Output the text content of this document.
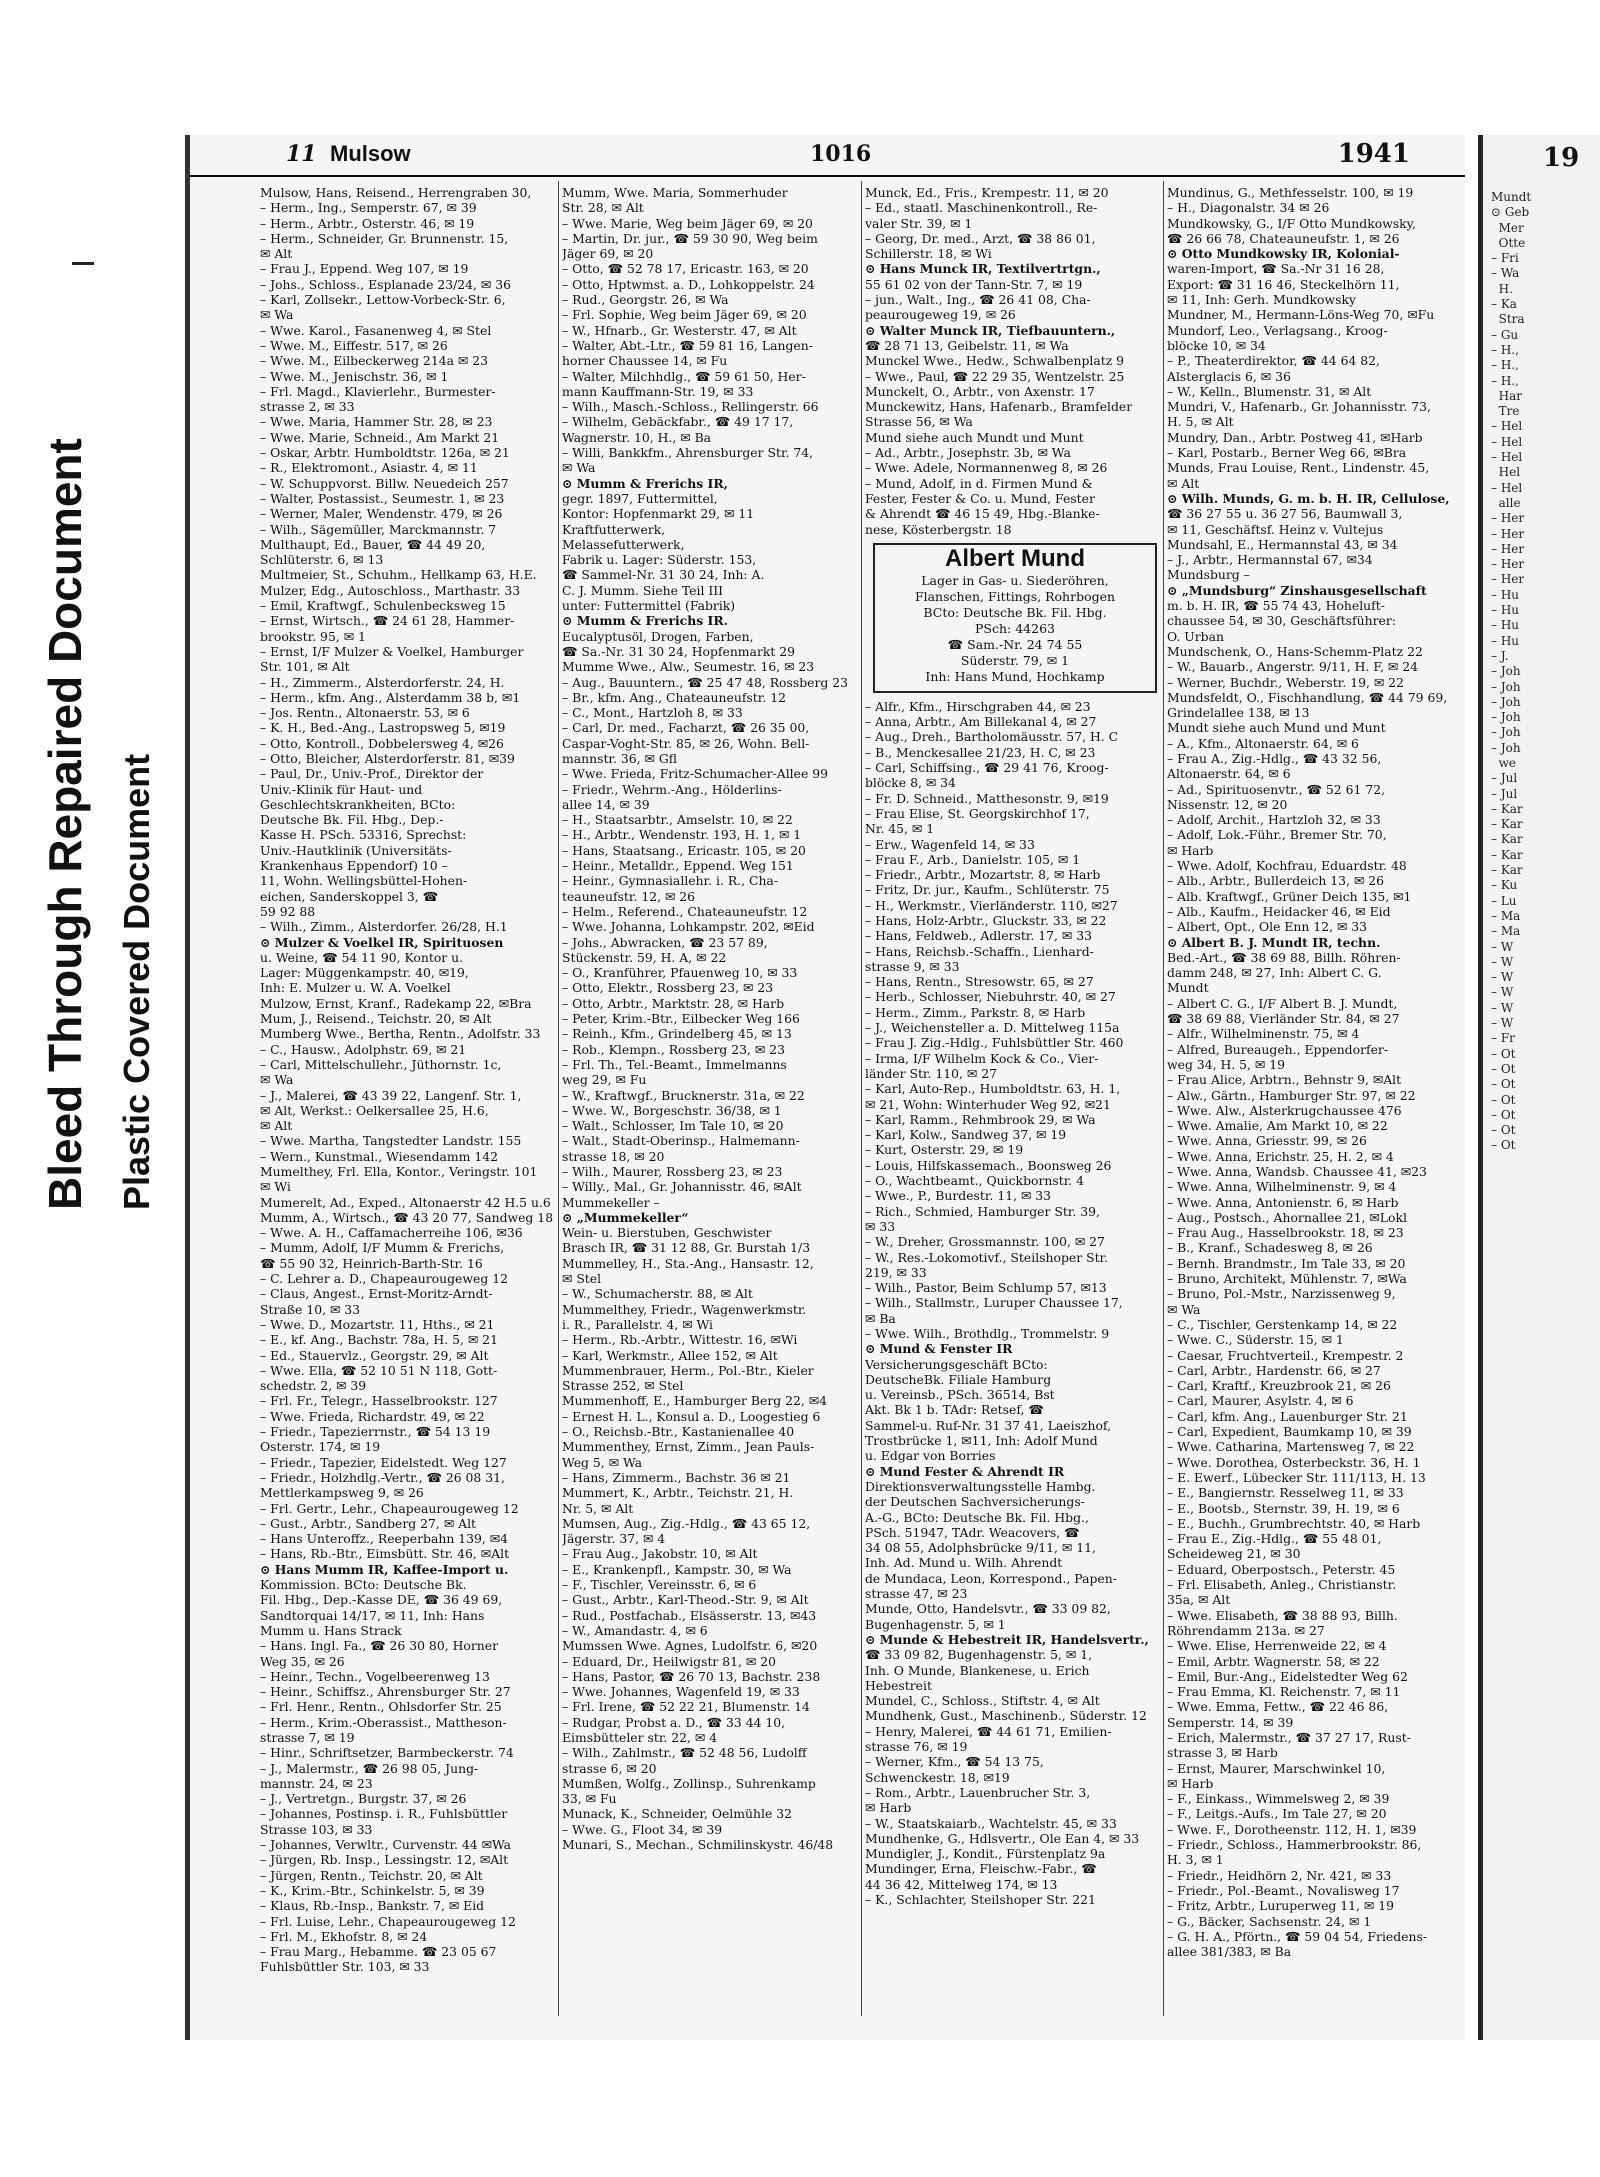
Bleed Through Repaired Document Plastic Covered Document
11 Mulsow	1016	1941
Mulsow, Hans, Reisend., Herrengraben 30,
– Herm., Ing., Semperstr. 67, ✉ 39
– Herm., Arbtr., Osterstr. 46, ✉ 19
– Herm., Schneider, Gr. Brunnenstr. 15,
✉ Alt
– Frau J., Eppend. Weg 107, ✉ 19
– Johs., Schloss., Esplanade 23/24, ✉ 36
– Karl, Zollsekr., Lettow-Vorbeck-Str. 6,
✉ Wa
– Wwe. Karol., Fasanenweg 4, ✉ Stel
– Wwe. M., Eiffestr. 517, ✉ 26
– Wwe. M., Eilbeckerweg 214a ✉ 23
– Wwe. M., Jenischstr. 36, ✉ 1
– Frl. Magd., Klavierlehr., Burmester-
strasse 2, ✉ 33
– Wwe. Maria, Hammer Str. 28, ✉ 23
– Wwe. Marie, Schneid., Am Markt 21
– Oskar, Arbtr. Humboldtstr. 126a, ✉ 21
– R., Elektromont., Asiastr. 4, ✉ 11
– W. Schuppvorst. Billw. Neuedeich 257
– Walter, Postassist., Seumestr. 1, ✉ 23
– Werner, Maler, Wendenstr. 479, ✉ 26
– Wilh., Sägemüller, Marckmannstr. 7
Multhaupt, Ed., Bauer, ☎ 44 49 20,
Schlüterstr. 6, ✉ 13
Multmeier, St., Schuhm., Hellkamp 63, H.E.
Mulzer, Edg., Autoschloss., Marthastr. 33
– Emil, Kraftwgf., Schulenbecksweg 15
– Ernst, Wirtsch., ☎ 24 61 28, Hammer-
brookstr. 95, ✉ 1
– Ernst, I/F Mulzer & Voelkel, Hamburger
Str. 101, ✉ Alt
– H., Zimmerm., Alsterdorferstr. 24, H.
– Herm., kfm. Ang., Alsterdamm 38 b, ✉1
– Jos. Rentn., Altonaerstr. 53, ✉ 6
– K. H., Bed.-Ang., Lastropsweg 5, ✉19
– Otto, Kontroll., Dobbelersweg 4, ✉26
– Otto, Bleicher, Alsterdorferstr. 81, ✉39
– Paul, Dr., Univ.-Prof., Direktor der
Univ.-Klinik für Haut- und
Geschlechtskrankheiten, BCto:
Deutsche Bk. Fil. Hbg., Dep.-
Kasse H. PSch. 53316, Sprechst:
Univ.-Hautklinik (Universitäts-
Krankenhaus Eppendorf) 10 –
11, Wohn. Wellingsbüttel-Hohen-
eichen, Sanderskoppel 3, ☎
59 92 88
– Wilh., Zimm., Alsterdorfer. 26/28, H.1
⊙ Mulzer & Voelkel IR, Spirituosen
u. Weine, ☎ 54 11 90, Kontor u.
Lager: Müggenkampstr. 40, ✉19,
Inh: E. Mulzer u. W. A. Voelkel
Mulzow, Ernst, Kranf., Radekamp 22, ✉Bra
Mum, J., Reisend., Teichstr. 20, ✉ Alt
Mumberg Wwe., Bertha, Rentn., Adolfstr. 33
– C., Hausw., Adolphstr. 69, ✉ 21
– Carl, Mittelschullehr., Jüthornstr. 1c,
✉ Wa
– J., Malerei, ☎ 43 39 22, Langenf. Str. 1,
✉ Alt, Werkst.: Oelkersallee 25, H.6,
✉ Alt
– Wwe. Martha, Tangstedter Landstr. 155
– Wern., Kunstmal., Wiesendamm 142
Mumelthey, Frl. Ella, Kontor., Veringstr. 101
✉ Wi
Mumerelt, Ad., Exped., Altonaerstr 42 H.5 u.6
Mumm, A., Wirtsch., ☎ 43 20 77, Sandweg 18
– Wwe. A. H., Caffamacherreihe 106, ✉36
– Mumm, Adolf, I/F Mumm & Frerichs,
☎ 55 90 32, Heinrich-Barth-Str. 16
– C. Lehrer a. D., Chapeaurougeweg 12
– Claus, Angest., Ernst-Moritz-Arndt-
Straße 10, ✉ 33
– Wwe. D., Mozartstr. 11, Hths., ✉ 21
– E., kf. Ang., Bachstr. 78a, H. 5, ✉ 21
– Ed., Stauervlz., Georgstr. 29, ✉ Alt
– Wwe. Ella, ☎ 52 10 51 N 118, Gott-
schedstr. 2, ✉ 39
– Frl. Fr., Telegr., Hasselbrookstr. 127
– Wwe. Frieda, Richardstr. 49, ✉ 22
– Friedr., Tapezierrnstr., ☎ 54 13 19
Osterstr. 174, ✉ 19
– Friedr., Tapezier, Eidelstedt. Weg 127
– Friedr., Holzhdlg.-Vertr., ☎ 26 08 31,
Mettlerkampsweg 9, ✉ 26
– Frl. Gertr., Lehr., Chapeaurougeweg 12
– Gust., Arbtr., Sandberg 27, ✉ Alt
– Hans Unteroffz., Reeperbahn 139, ✉4
– Hans, Rb.-Btr., Eimsbütt. Str. 46, ✉Alt
⊙ Hans Mumm IR, Kaffee-Import u.
Kommission. BCto: Deutsche Bk.
Fil. Hbg., Dep.-Kasse DE, ☎ 36 49 69,
Sandtorquai 14/17, ✉ 11, Inh: Hans
Mumm u. Hans Strack
– Hans. Ingl. Fa., ☎ 26 30 80, Horner
Weg 35, ✉ 26
– Heinr., Techn., Vogelbeerenweg 13
– Heinr., Schiffsz., Ahrensburger Str. 27
– Frl. Henr., Rentn., Ohlsdorfer Str. 25
– Herm., Krim.-Oberassist., Mattheson-
strasse 7, ✉ 19
– Hinr., Schriftsetzer, Barmbeckerstr. 74
– J., Malermstr., ☎ 26 98 05, Jung-
mannstr. 24, ✉ 23
– J., Vertretgn., Burgstr. 37, ✉ 26
– Johannes, Postinsp. i. R., Fuhlsbüttler
Strasse 103, ✉ 33
– Johannes, Verwltr., Curvenstr. 44 ✉Wa
– Jürgen, Rb. Insp., Lessingstr. 12, ✉Alt
– Jürgen, Rentn., Teichstr. 20, ✉ Alt
– K., Krim.-Btr., Schinkelstr. 5, ✉ 39
– Klaus, Rb.-Insp., Bankstr. 7, ✉ Eid
– Frl. Luise, Lehr., Chapeaurougeweg 12
– Frl. M., Ekhofstr. 8, ✉ 24
– Frau Marg., Hebamme. ☎ 23 05 67
Fuhlsbüttler Str. 103, ✉ 33
Mumm, Wwe. Maria, Sommerhuder
Str. 28, ✉ Alt
– Wwe. Marie, Weg beim Jäger 69, ✉ 20
– Martin, Dr. jur., ☎ 59 30 90, Weg beim
Jäger 69, ✉ 20
– Otto, ☎ 52 78 17, Ericastr. 163, ✉ 20
– Otto, Hptwmst. a. D., Lohkoppelstr. 24
– Rud., Georgstr. 26, ✉ Wa
– Frl. Sophie, Weg beim Jäger 69, ✉ 20
– W., Hfnarb., Gr. Westerstr. 47, ✉ Alt
– Walter, Abt.-Ltr., ☎ 59 81 16, Langen-
horner Chaussee 14, ✉ Fu
– Walter, Milchhdlg., ☎ 59 61 50, Her-
mann Kauffmann-Str. 19, ✉ 33
– Wilh., Masch.-Schloss., Rellingerstr. 66
– Wilhelm, Gebäckfabr., ☎ 49 17 17,
Wagnerstr. 10, H., ✉ Ba
– Willi, Bankkfm., Ahrensburger Str. 74,
✉ Wa
⊙ Mumm & Frerichs IR,
gegr. 1897, Futtermittel,
Kontor: Hopfenmarkt 29, ✉ 11
Kraftfutterwerk,
Melassefutterwerk,
Fabrik u. Lager: Süderstr. 153,
☎ Sammel-Nr. 31 30 24, Inh: A.
C. J. Mumm. Siehe Teil III
unter: Futtermittel (Fabrik)
⊙ Mumm & Frerichs IR.
Eucalyptusöl, Drogen, Farben,
☎ Sa.-Nr. 31 30 24, Hopfenmarkt 29
Mumme Wwe., Alw., Seumestr. 16, ✉ 23
– Aug., Bauuntern., ☎ 25 47 48, Rossberg 23
– Br., kfm. Ang., Chateauneufstr. 12
– C., Mont., Hartzloh 8, ✉ 33
– Carl, Dr. med., Facharzt, ☎ 26 35 00,
Caspar-Voght-Str. 85, ✉ 26, Wohn. Bell-
mannstr. 36, ✉ Gfl
– Wwe. Frieda, Fritz-Schumacher-Allee 99
– Friedr., Wehrm.-Ang., Hölderlins-
allee 14, ✉ 39
– H., Staatsarbtr., Amselstr. 10, ✉ 22
– H., Arbtr., Wendenstr. 193, H. 1, ✉ 1
– Hans, Staatsang., Ericastr. 105, ✉ 20
– Heinr., Metalldr., Eppend. Weg 151
– Heinr., Gymnasiallehr. i. R., Cha-
teauneufstr. 12, ✉ 26
– Helm., Referend., Chateauneufstr. 12
– Wwe. Johanna, Lohkampstr. 202, ✉Eid
– Johs., Abwracken, ☎ 23 57 89,
Stückenstr. 59, H. A, ✉ 22
– O., Kranführer, Pfauenweg 10, ✉ 33
– Otto, Elektr., Rossberg 23, ✉ 23
– Otto, Arbtr., Marktstr. 28, ✉ Harb
– Peter, Krim.-Btr., Eilbecker Weg 166
– Reinh., Kfm., Grindelberg 45, ✉ 13
– Rob., Klempn., Rossberg 23, ✉ 23
– Frl. Th., Tel.-Beamt., Immelmanns
weg 29, ✉ Fu
– W., Kraftwgf., Brucknerstr. 31a, ✉ 22
– Wwe. W., Borgeschstr. 36/38, ✉ 1
– Walt., Schlosser, Im Tale 10, ✉ 20
– Walt., Stadt-Oberinsp., Halmemann-
strasse 18, ✉ 20
– Wilh., Maurer, Rossberg 23, ✉ 23
– Willy., Mal., Gr. Johannisstr. 46, ✉Alt
Mummekeller –
⊙ „Mummekeller“
Wein- u. Bierstuben, Geschwister
Brasch IR, ☎ 31 12 88, Gr. Burstah 1/3
Mummelley, H., Sta.-Ang., Hansastr. 12,
✉ Stel
– W., Schumacherstr. 88, ✉ Alt
Mummelthey, Friedr., Wagenwerkmstr.
i. R., Parallelstr. 4, ✉ Wi
– Herm., Rb.-Arbtr., Wittestr. 16, ✉Wi
– Karl, Werkmstr., Allee 152, ✉ Alt
Mummenbrauer, Herm., Pol.-Btr., Kieler
Strasse 252, ✉ Stel
Mummenhoff, E., Hamburger Berg 22, ✉4
– Ernest H. L., Konsul a. D., Loogestieg 6
– O., Reichsb.-Btr., Kastanienallee 40
Mummenthey, Ernst, Zimm., Jean Pauls-
Weg 5, ✉ Wa
– Hans, Zimmerm., Bachstr. 36 ✉ 21
Mummert, K., Arbtr., Teichstr. 21, H.
Nr. 5, ✉ Alt
Mumsen, Aug., Zig.-Hdlg., ☎ 43 65 12,
Jägerstr. 37, ✉ 4
– Frau Aug., Jakobstr. 10, ✉ Alt
– E., Krankenpfl., Kampstr. 30, ✉ Wa
– F., Tischler, Vereinsstr. 6, ✉ 6
– Gust., Arbtr., Karl-Theod.-Str. 9, ✉ Alt
– Rud., Postfachab., Elsässerstr. 13, ✉43
– W., Amandastr. 4, ✉ 6
Mumssen Wwe. Agnes, Ludolfstr. 6, ✉20
– Eduard, Dr., Heilwigstr 81, ✉ 20
– Hans, Pastor, ☎ 26 70 13, Bachstr. 238
– Wwe. Johannes, Wagenfeld 19, ✉ 33
– Frl. Irene, ☎ 52 22 21, Blumenstr. 14
– Rudgar, Probst a. D., ☎ 33 44 10,
Eimsbütteler str. 22, ✉ 4
– Wilh., Zahlmstr., ☎ 52 48 56, Ludolff
strasse 6, ✉ 20
Mumßen, Wolfg., Zollinsp., Suhrenkamp
33, ✉ Fu
Munack, K., Schneider, Oelmühle 32
– Wwe. G., Floot 34, ✉ 39
Munari, S., Mechan., Schmilinskystr. 46/48
Munck, Ed., Fris., Krempestr. 11, ✉ 20
– Ed., staatl. Maschinenkontroll., Re-
valer Str. 39, ✉ 1
– Georg, Dr. med., Arzt, ☎ 38 86 01,
Schillerstr. 18, ✉ Wi
⊙ Hans Munck IR, Textilvertrtgn.,
55 61 02 von der Tann-Str. 7, ✉ 19
– jun., Walt., Ing., ☎ 26 41 08, Cha-
peaurougeweg 19, ✉ 26
⊙ Walter Munck IR, Tiefbauuntern.,
☎ 28 71 13, Geibelstr. 11, ✉ Wa
Munckel Wwe., Hedw., Schwalbenplatz 9
– Wwe., Paul, ☎ 22 29 35, Wentzelstr. 25
Munckelt, O., Arbtr., von Axenstr. 17
Munckewitz, Hans, Hafenarb., Bramfelder
Strasse 56, ✉ Wa
Mund siehe auch Mundt und Munt
– Ad., Arbtr., Josephstr. 3b, ✉ Wa
– Wwe. Adele, Normannenweg 8, ✉ 26
– Mund, Adolf, in d. Firmen Mund &
Fester, Fester & Co. u. Mund, Fester
& Ahrendt ☎ 46 15 49, Hbg.-Blanke-
nese, Kösterbergstr. 18
Albert Mund
Lager in Gas- u. Siederöhren,
Flanschen, Fittings, Rohrbogen
BCto: Deutsche Bk. Fil. Hbg.
PSch: 44263
☎ Sam.-Nr. 24 74 55
Süderstr. 79, ✉ 1
Inh: Hans Mund, Hochkamp
– Alfr., Kfm., Hirschgraben 44, ✉ 23
– Anna, Arbtr., Am Billekanal 4, ✉ 27
– Aug., Dreh., Bartholomäusstr. 57, H. C
– B., Menckesallee 21/23, H. C, ✉ 23
– Carl, Schiffsing., ☎ 29 41 76, Kroog-
blöcke 8, ✉ 34
– Fr. D. Schneid., Matthesonstr. 9, ✉19
– Frau Elise, St. Georgskirchhof 17,
Nr. 45, ✉ 1
– Erw., Wagenfeld 14, ✉ 33
– Frau F., Arb., Danielstr. 105, ✉ 1
– Friedr., Arbtr., Mozartstr. 8, ✉ Harb
– Fritz, Dr. jur., Kaufm., Schlüterstr. 75
– H., Werkmstr., Vierländerstr. 110, ✉27
– Hans, Holz-Arbtr., Gluckstr. 33, ✉ 22
– Hans, Feldweb., Adlerstr. 17, ✉ 33
– Hans, Reichsb.-Schaffn., Lienhard-
strasse 9, ✉ 33
– Hans, Rentn., Stresowstr. 65, ✉ 27
– Herb., Schlosser, Niebuhrstr. 40, ✉ 27
– Herm., Zimm., Parkstr. 8, ✉ Harb
– J., Weichensteller a. D. Mittelweg 115a
– Frau J. Zig.-Hdlg., Fuhlsbüttler Str. 460
– Irma, I/F Wilhelm Kock & Co., Vier-
länder Str. 110, ✉ 27
– Karl, Auto-Rep., Humboldtstr. 63, H. 1,
✉ 21, Wohn: Winterhuder Weg 92, ✉21
– Karl, Ramm., Rehmbrook 29, ✉ Wa
– Karl, Kolw., Sandweg 37, ✉ 19
– Kurt, Osterstr. 29, ✉ 19
– Louis, Hilfskassemach., Boonsweg 26
– O., Wachtbeamt., Quickbornstr. 4
– Wwe., P., Burdestr. 11, ✉ 33
– Rich., Schmied, Hamburger Str. 39,
✉ 33
– W., Dreher, Grossmannstr. 100, ✉ 27
– W., Res.-Lokomotivf., Steilshoper Str.
219, ✉ 33
– Wilh., Pastor, Beim Schlump 57, ✉13
– Wilh., Stallmstr., Luruper Chaussee 17,
✉ Ba
– Wwe. Wilh., Brothdlg., Trommelstr. 9
⊙ Mund & Fenster IR
Versicherungsgeschäft BCto:
DeutscheBk. Filiale Hamburg
u. Vereinsb., PSch. 36514, Bst
Akt. Bk 1 b. TAdr: Retsef, ☎
Sammel-u. Ruf-Nr. 31 37 41, Laeiszhof,
Trostbrücke 1, ✉11, Inh: Adolf Mund
u. Edgar von Borries
⊙ Mund Fester & Ahrendt IR
Direktionsverwaltungsstelle Hambg.
der Deutschen Sachversicherungs-
A.-G., BCto: Deutsche Bk. Fil. Hbg.,
PSch. 51947, TAdr. Weacovers, ☎
34 08 55, Adolphsbrücke 9/11, ✉ 11,
Inh. Ad. Mund u. Wilh. Ahrendt
de Mundaca, Leon, Korrespond., Papen-
strasse 47, ✉ 23
Munde, Otto, Handelsvtr., ☎ 33 09 82,
Bugenhagenstr. 5, ✉ 1
⊙ Munde & Hebestreit IR, Handelsvertr.,
☎ 33 09 82, Bugenhagenstr. 5, ✉ 1,
Inh. O Munde, Blankenese, u. Erich
Hebestreit
Mundel, C., Schloss., Stiftstr. 4, ✉ Alt
Mundhenk, Gust., Maschinenb., Süderstr. 12
– Henry, Malerei, ☎ 44 61 71, Emilien-
strasse 76, ✉ 19
– Werner, Kfm., ☎ 54 13 75,
Schwenckestr. 18, ✉19
– Rom., Arbtr., Lauenbrucher Str. 3,
✉ Harb
– W., Staatskaiarb., Wachtelstr. 45, ✉ 33
Mundhenke, G., Hdlsvertr., Ole Ean 4, ✉ 33
Mundigler, J., Kondit., Fürstenplatz 9a
Mundinger, Erna, Fleischw.-Fabr., ☎
44 36 42, Mittelweg 174, ✉ 13
– K., Schlachter, Steilshoper Str. 221
Mundinus, G., Methfesselstr. 100, ✉ 19
– H., Diagonalstr. 34 ✉ 26
Mundkowsky, G., I/F Otto Mundkowsky,
☎ 26 66 78, Chateauneufstr. 1, ✉ 26
⊙ Otto Mundkowsky IR, Kolonial-
waren-Import, ☎ Sa.-Nr 31 16 28,
Export: ☎ 31 16 46, Steckelhörn 11,
✉ 11, Inh: Gerh. Mundkowsky
Mundner, M., Hermann-Löns-Weg 70, ✉Fu
Mundorf, Leo., Verlagsang., Kroog-
blöcke 10, ✉ 34
– P., Theaterdirektor, ☎ 44 64 82,
Alsterglacis 6, ✉ 36
– W., Kelln., Blumenstr. 31, ✉ Alt
Mundri, V., Hafenarb., Gr. Johannisstr. 73,
H. 5, ✉ Alt
Mundry, Dan., Arbtr. Postweg 41, ✉Harb
– Karl, Postarb., Berner Weg 66, ✉Bra
Munds, Frau Louise, Rent., Lindenstr. 45,
✉ Alt
⊙ Wilh. Munds, G. m. b. H. IR, Cellulose,
☎ 36 27 55 u. 36 27 56, Baumwall 3,
✉ 11, Geschäftsf. Heinz v. Vultejus
Mundsahl, E., Hermannstal 43, ✉ 34
– J., Arbtr., Hermannstal 67, ✉34
Mundsburg –
⊙ „Mundsburg“ Zinshausgesellschaft
m. b. H. IR, ☎ 55 74 43, Hoheluft-
chaussee 54, ✉ 30, Geschäftsführer:
O. Urban
Mundschenk, O., Hans-Schemm-Platz 22
– W., Bauarb., Angerstr. 9/11, H. F, ✉ 24
– Werner, Buchdr., Weberstr. 19, ✉ 22
Mundsfeldt, O., Fischhandlung, ☎ 44 79 69,
Grindelallee 138, ✉ 13
Mundt siehe auch Mund und Munt
– A., Kfm., Altonaerstr. 64, ✉ 6
– Frau A., Zig.-Hdlg., ☎ 43 32 56,
Altonaerstr. 64, ✉ 6
– Ad., Spirituosenvtr., ☎ 52 61 72,
Nissenstr. 12, ✉ 20
– Adolf, Archit., Hartzloh 32, ✉ 33
– Adolf, Lok.-Führ., Bremer Str. 70,
✉ Harb
– Wwe. Adolf, Kochfrau, Eduardstr. 48
– Alb., Arbtr., Bullerdeich 13, ✉ 26
– Alb. Kraftwgf., Grüner Deich 135, ✉1
– Alb., Kaufm., Heidacker 46, ✉ Eid
– Albert, Opt., Ole Enn 12, ✉ 33
⊙ Albert B. J. Mundt IR, techn.
Bed.-Art., ☎ 38 69 88, Billh. Röhren-
damm 248, ✉ 27, Inh: Albert C. G.
Mundt
– Albert C. G., I/F Albert B. J. Mundt,
☎ 38 69 88, Vierländer Str. 84, ✉ 27
– Alfr., Wilhelminenstr. 75, ✉ 4
– Alfred, Bureaugeh., Eppendorfer-
weg 34, H. 5, ✉ 19
– Frau Alice, Arbtrn., Behnstr 9, ✉Alt
– Alw., Gärtn., Hamburger Str. 97, ✉ 22
– Wwe. Alw., Alsterkrugchaussee 476
– Wwe. Amalie, Am Markt 10, ✉ 22
– Wwe. Anna, Griesstr. 99, ✉ 26
– Wwe. Anna, Erichstr. 25, H. 2, ✉ 4
– Wwe. Anna, Wandsb. Chaussee 41, ✉23
– Wwe. Anna, Wilhelminenstr. 9, ✉ 4
– Wwe. Anna, Antonienstr. 6, ✉ Harb
– Aug., Postsch., Ahornallee 21, ✉Lokl
– Frau Aug., Hasselbrookstr. 18, ✉ 23
– B., Kranf., Schadesweg 8, ✉ 26
– Bernh. Brandmstr., Im Tale 33, ✉ 20
– Bruno, Architekt, Mühlenstr. 7, ✉Wa
– Bruno, Pol.-Mstr., Narzissenweg 9,
✉ Wa
– C., Tischler, Gerstenkamp 14, ✉ 22
– Wwe. C., Süderstr. 15, ✉ 1
– Caesar, Fruchtverteil., Krempestr. 2
– Carl, Arbtr., Hardenstr. 66, ✉ 27
– Carl, Kraftf., Kreuzbrook 21, ✉ 26
– Carl, Maurer, Asylstr. 4, ✉ 6
– Carl, kfm. Ang., Lauenburger Str. 21
– Carl, Expedient, Baumkamp 10, ✉ 39
– Wwe. Catharina, Martensweg 7, ✉ 22
– Wwe. Dorothea, Osterbeckstr. 36, H. 1
– E. Ewerf., Lübecker Str. 111/113, H. 13
– E., Bangiernstr. Resselweg 11, ✉ 33
– E., Bootsb., Sternstr. 39, H. 19, ✉ 6
– E., Buchh., Grumbrechtstr. 40, ✉ Harb
– Frau E., Zig.-Hdlg., ☎ 55 48 01,
Scheideweg 21, ✉ 30
– Eduard, Oberpostsch., Peterstr. 45
– Frl. Elisabeth, Anleg., Christianstr.
35a, ✉ Alt
– Wwe. Elisabeth, ☎ 38 88 93, Billh.
Röhrendamm 213a. ✉ 27
– Wwe. Elise, Herrenweide 22, ✉ 4
– Emil, Arbtr. Wagnerstr. 58, ✉ 22
– Emil, Bur.-Ang., Eidelstedter Weg 62
– Frau Emma, Kl. Reichenstr. 7, ✉ 11
– Wwe. Emma, Fettw., ☎ 22 46 86,
Semperstr. 14, ✉ 39
– Erich, Malermstr., ☎ 37 27 17, Rust-
strasse 3, ✉ Harb
– Ernst, Maurer, Marschwinkel 10,
✉ Harb
– F., Einkass., Wimmelsweg 2, ✉ 39
– F., Leitgs.-Aufs., Im Tale 27, ✉ 20
– Wwe. F., Dorotheenstr. 112, H. 1, ✉39
– Friedr., Schloss., Hammerbrookstr. 86,
H. 3, ✉ 1
– Friedr., Heidhörn 2, Nr. 421, ✉ 33
– Friedr., Pol.-Beamt., Novalisweg 17
– Fritz, Arbtr., Luruperweg 11, ✉ 19
– G., Bäcker, Sachsenstr. 24, ✉ 1
– G. H. A., Pförtn., ☎ 59 04 54, Friedens-
allee 381/383, ✉ Ba
19
Mundt
⊙ Geb
Mer
Otte
– Fri
– Wa
H.
– Ka
Stra
– Gu
– H.,
– H.,
– H.,
Har
Tre
– Hel
– Hel
– Hel
Hel
– Hel
alle
– Her
– Her
– Her
– Her
– Her
– Hu
– Hu
– Hu
– Hu
– J.
– Joh
– Joh
– Joh
– Joh
– Joh
– Joh
we
– Jul
– Jul
– Kar
– Kar
– Kar
– Kar
– Kar
– Ku
– Lu
– Ma
– Ma
– W
– W
– W
– W
– W
– W
– Fr
– Ot
– Ot
– Ot
– Ot
– Ot
– Ot
– Ot
